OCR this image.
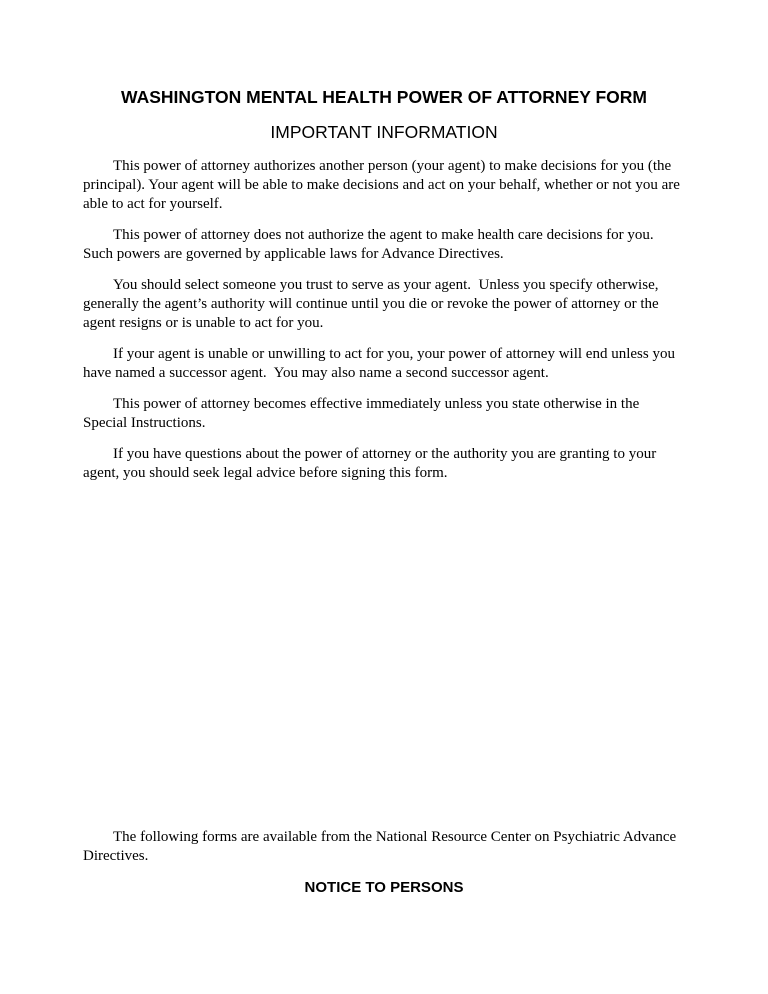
WASHINGTON MENTAL HEALTH POWER OF ATTORNEY FORM
IMPORTANT INFORMATION

This power of attorney authorizes another person (your agent) to make decisions for you (the principal). Your agent will be able to make decisions and act on your behalf, whether or not you are able to act for yourself.

This power of attorney does not authorize the agent to make health care decisions for you. Such powers are governed by applicable laws for Advance Directives.

You should select someone you trust to serve as your agent.  Unless you specify otherwise, generally the agent’s authority will continue until you die or revoke the power of attorney or the agent resigns or is unable to act for you.

If your agent is unable or unwilling to act for you, your power of attorney will end unless you have named a successor agent.  You may also name a second successor agent.

This power of attorney becomes effective immediately unless you state otherwise in the Special Instructions.

If you have questions about the power of attorney or the authority you are granting to your agent, you should seek legal advice before signing this form.

The following forms are available from the National Resource Center on Psychiatric Advance Directives.

NOTICE TO PERSONS
